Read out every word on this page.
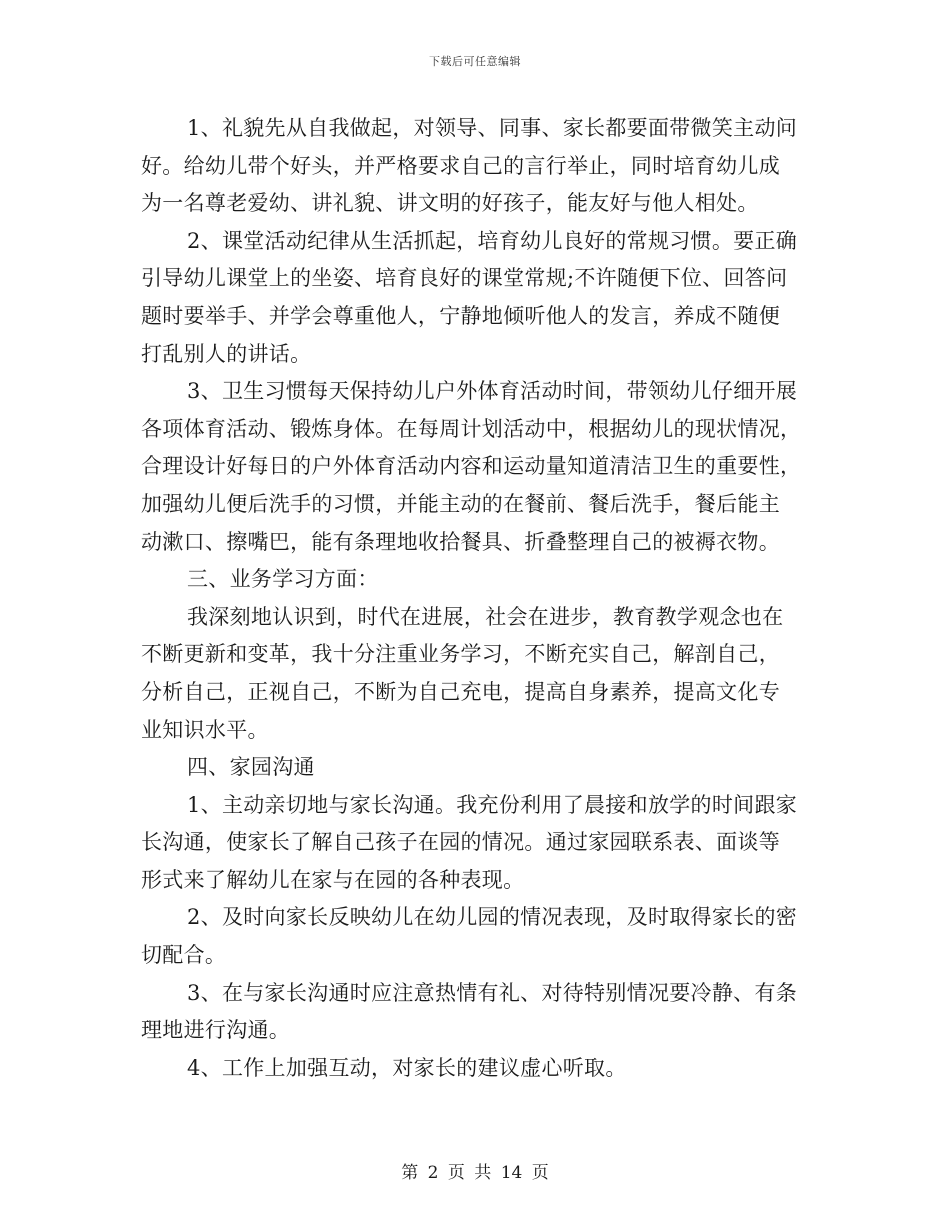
下载后可任意编辑
1、礼貌先从自我做起，对领导、同事、家长都要面带微笑主动问
好。给幼儿带个好头，并严格要求自己的言行举止，同时培育幼儿成
为一名尊老爱幼、讲礼貌、讲文明的好孩子，能友好与他人相处。
2、课堂活动纪律从生活抓起，培育幼儿良好的常规习惯。要正确
引导幼儿课堂上的坐姿、培育良好的课堂常规;不许随便下位、回答问
题时要举手、并学会尊重他人，宁静地倾听他人的发言，养成不随便
打乱别人的讲话。
3、卫生习惯每天保持幼儿户外体育活动时间，带领幼儿仔细开展
各项体育活动、锻炼身体。在每周计划活动中，根据幼儿的现状情况，
合理设计好每日的户外体育活动内容和运动量知道清洁卫生的重要性，
加强幼儿便后洗手的习惯，并能主动的在餐前、餐后洗手，餐后能主
动漱口、擦嘴巴，能有条理地收拾餐具、折叠整理自己的被褥衣物。
三、业务学习方面：
我深刻地认识到，时代在进展，社会在进步，教育教学观念也在
不断更新和变革，我十分注重业务学习，不断充实自己，解剖自己，
分析自己，正视自己，不断为自己充电，提高自身素养，提高文化专
业知识水平。
四、家园沟通
1、主动亲切地与家长沟通。我充份利用了晨接和放学的时间跟家
长沟通，使家长了解自己孩子在园的情况。通过家园联系表、面谈等
形式来了解幼儿在家与在园的各种表现。
2、及时向家长反映幼儿在幼儿园的情况表现，及时取得家长的密
切配合。
3、在与家长沟通时应注意热情有礼、对待特别情况要冷静、有条
理地进行沟通。
4、工作上加强互动，对家长的建议虚心听取。
第 2 页 共 14 页
